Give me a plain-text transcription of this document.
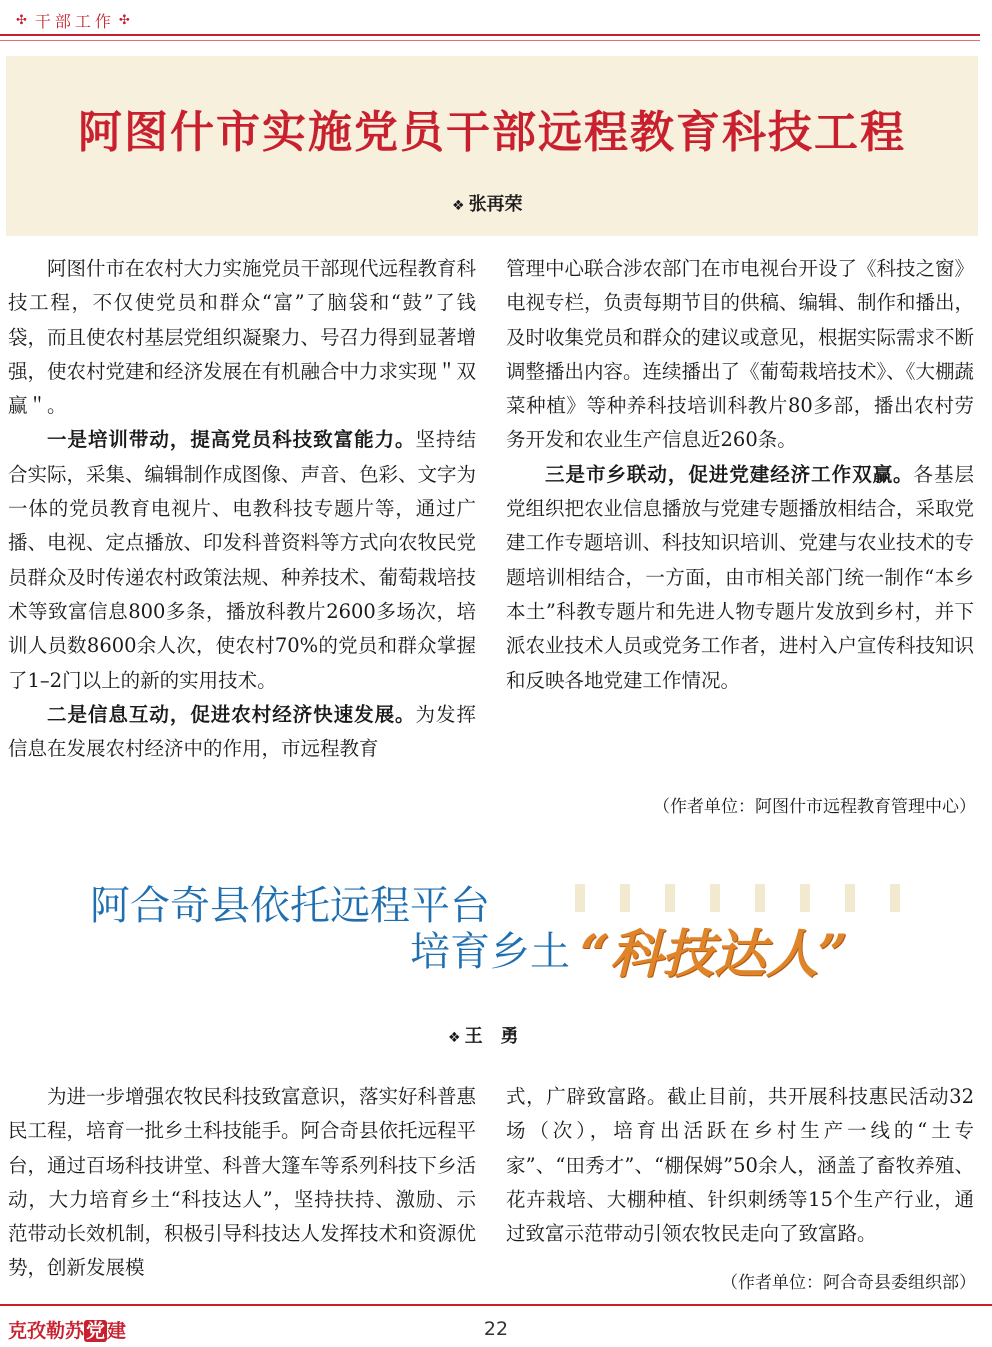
✣ 干部工作 ✣
阿图什市实施党员干部远程教育科技工程
❖ 张再荣

阿图什市在农村大力实施党员干部现代远程教育科技工程，不仅使党员和群众“富”了脑袋和“鼓”了钱袋，而且使农村基层党组织凝聚力、号召力得到显著增强，使农村党建和经济发展在有机融合中力求实现＂双赢＂。

一是培训带动，提高党员科技致富能力。坚持结合实际，采集、编辑制作成图像、声音、色彩、文字为一体的党员教育电视片、电教科技专题片等，通过广播、电视、定点播放、印发科普资料等方式向农牧民党员群众及时传递农村政策法规、种养技术、葡萄栽培技术等致富信息800多条，播放科教片2600多场次，培训人员数8600余人次，使农村70%的党员和群众掌握了1–2门以上的新的实用技术。

二是信息互动，促进农村经济快速发展。为发挥信息在发展农村经济中的作用，市远程教育

管理中心联合涉农部门在市电视台开设了《科技之窗》电视专栏，负责每期节目的供稿、编辑、制作和播出，及时收集党员和群众的建议或意见，根据实际需求不断调整播出内容。连续播出了《葡萄栽培技术》、《大棚蔬菜种植》等种养科技培训科教片80多部，播出农村劳务开发和农业生产信息近260条。

三是市乡联动，促进党建经济工作双赢。各基层党组织把农业信息播放与党建专题播放相结合，采取党建工作专题培训、科技知识培训、党建与农业技术的专题培训相结合，一方面，由市相关部门统一制作“本乡本土”科教专题片和先进人物专题片发放到乡村，并下派农业技术人员或党务工作者，进村入户宣传科技知识和反映各地党建工作情况。

（作者单位：阿图什市远程教育管理中心）
阿合奇县依托远程平台
培育乡土 “科技达人”
❖ 王　勇

为进一步增强农牧民科技致富意识，落实好科普惠民工程，培育一批乡土科技能手。阿合奇县依托远程平台，通过百场科技讲堂、科普大篷车等系列科技下乡活动，大力培育乡土“科技达人”，坚持扶持、激励、示范带动长效机制，积极引导科技达人发挥技术和资源优势，创新发展模

式，广辟致富路。截止目前，共开展科技惠民活动32场（次），培育出活跃在乡村生产一线的“土专家”、“田秀才”、“棚保姆”50余人，涵盖了畜牧养殖、花卉栽培、大棚种植、针织刺绣等15个生产行业，通过致富示范带动引领农牧民走向了致富路。

（作者单位：阿合奇县委组织部）
克孜勒苏 党 建	22
